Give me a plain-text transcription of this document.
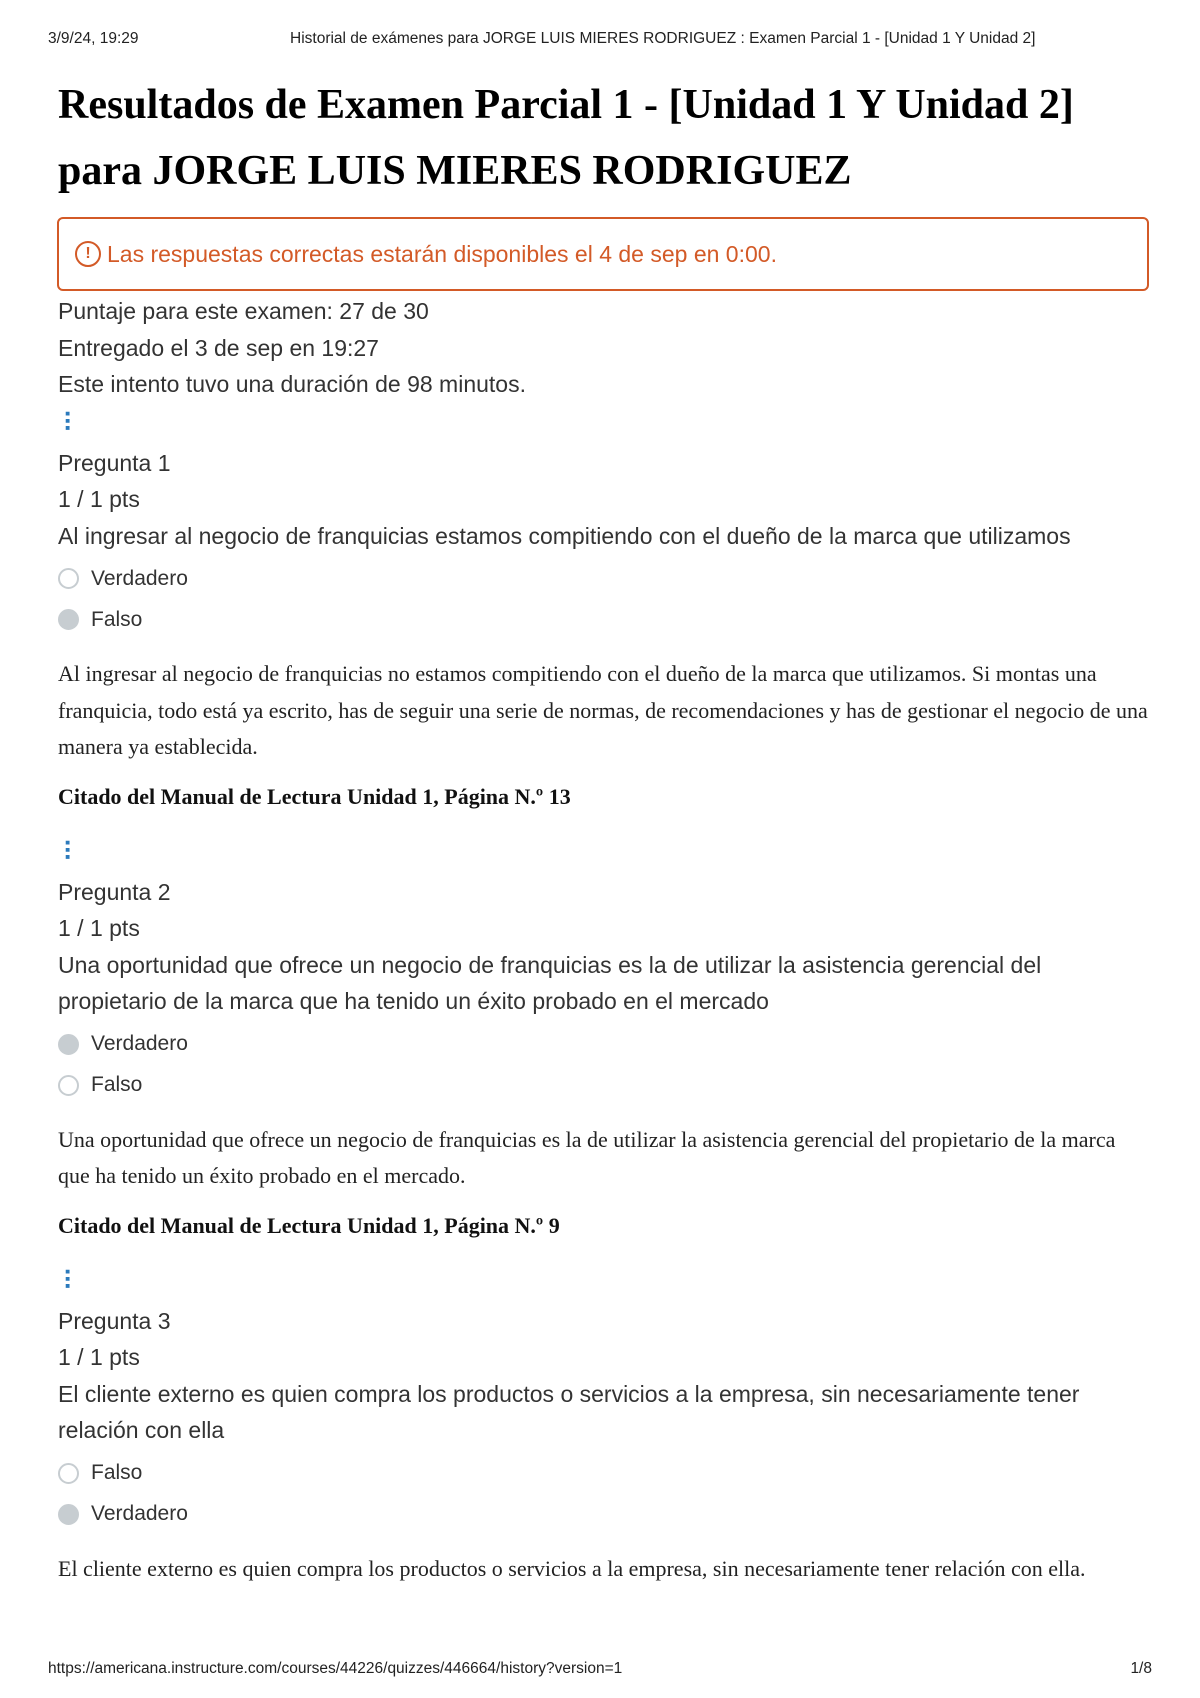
3/9/24, 19:29	Historial de exámenes para JORGE LUIS MIERES RODRIGUEZ : Examen Parcial 1 - [Unidad 1 Y Unidad 2]
Resultados de Examen Parcial 1 - [Unidad 1 Y Unidad 2] para JORGE LUIS MIERES RODRIGUEZ
! Las respuestas correctas estarán disponibles el 4 de sep en 0:00.
Puntaje para este examen: 27 de 30
Entregado el 3 de sep en 19:27
Este intento tuvo una duración de 98 minutos.
⠇
Pregunta 1
1 / 1 pts
Al ingresar al negocio de franquicias estamos compitiendo con el dueño de la marca que utilizamos
Verdadero
Falso
Al ingresar al negocio de franquicias no estamos compitiendo con el dueño de la marca que utilizamos. Si montas una franquicia, todo está ya escrito, has de seguir una serie de normas, de recomendaciones y has de gestionar el negocio de una manera ya establecida.
Citado del Manual de Lectura Unidad 1, Página N.º 13
⠇
Pregunta 2
1 / 1 pts
Una oportunidad que ofrece un negocio de franquicias es la de utilizar la asistencia gerencial del propietario de la marca que ha tenido un éxito probado en el mercado
Verdadero
Falso
Una oportunidad que ofrece un negocio de franquicias es la de utilizar la asistencia gerencial del propietario de la marca que ha tenido un éxito probado en el mercado.
Citado del Manual de Lectura Unidad 1, Página N.º 9
⠇
Pregunta 3
1 / 1 pts
El cliente externo es quien compra los productos o servicios a la empresa, sin necesariamente tener relación con ella
Falso
Verdadero
El cliente externo es quien compra los productos o servicios a la empresa, sin necesariamente tener relación con ella.
https://americana.instructure.com/courses/44226/quizzes/446664/history?version=1	1/8
